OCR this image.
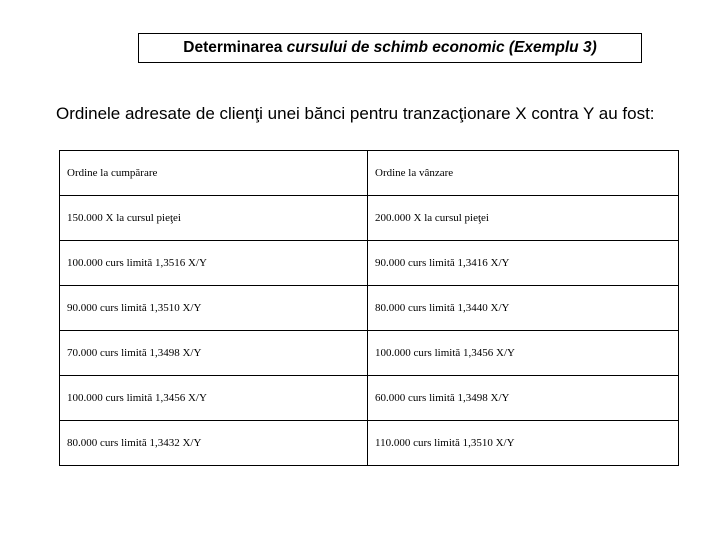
Determinarea
cursului de schimb economic (Exemplu 3)
Ordinele adresate de clienţi unei bănci pentru tranzacţionare X contra Y au fost:
Ordine la cumpărare	Ordine la vânzare
150.000 X la cursul pieţei	200.000 X la cursul pieţei
100.000 curs limită 1,3516 X/Y	90.000 curs limită 1,3416 X/Y
90.000 curs limită 1,3510 X/Y	80.000 curs limită 1,3440 X/Y
70.000 curs limită 1,3498 X/Y	100.000 curs limită 1,3456 X/Y
100.000 curs limită 1,3456 X/Y	60.000 curs limită 1,3498 X/Y
80.000 curs limită 1,3432 X/Y	110.000 curs limită 1,3510 X/Y
